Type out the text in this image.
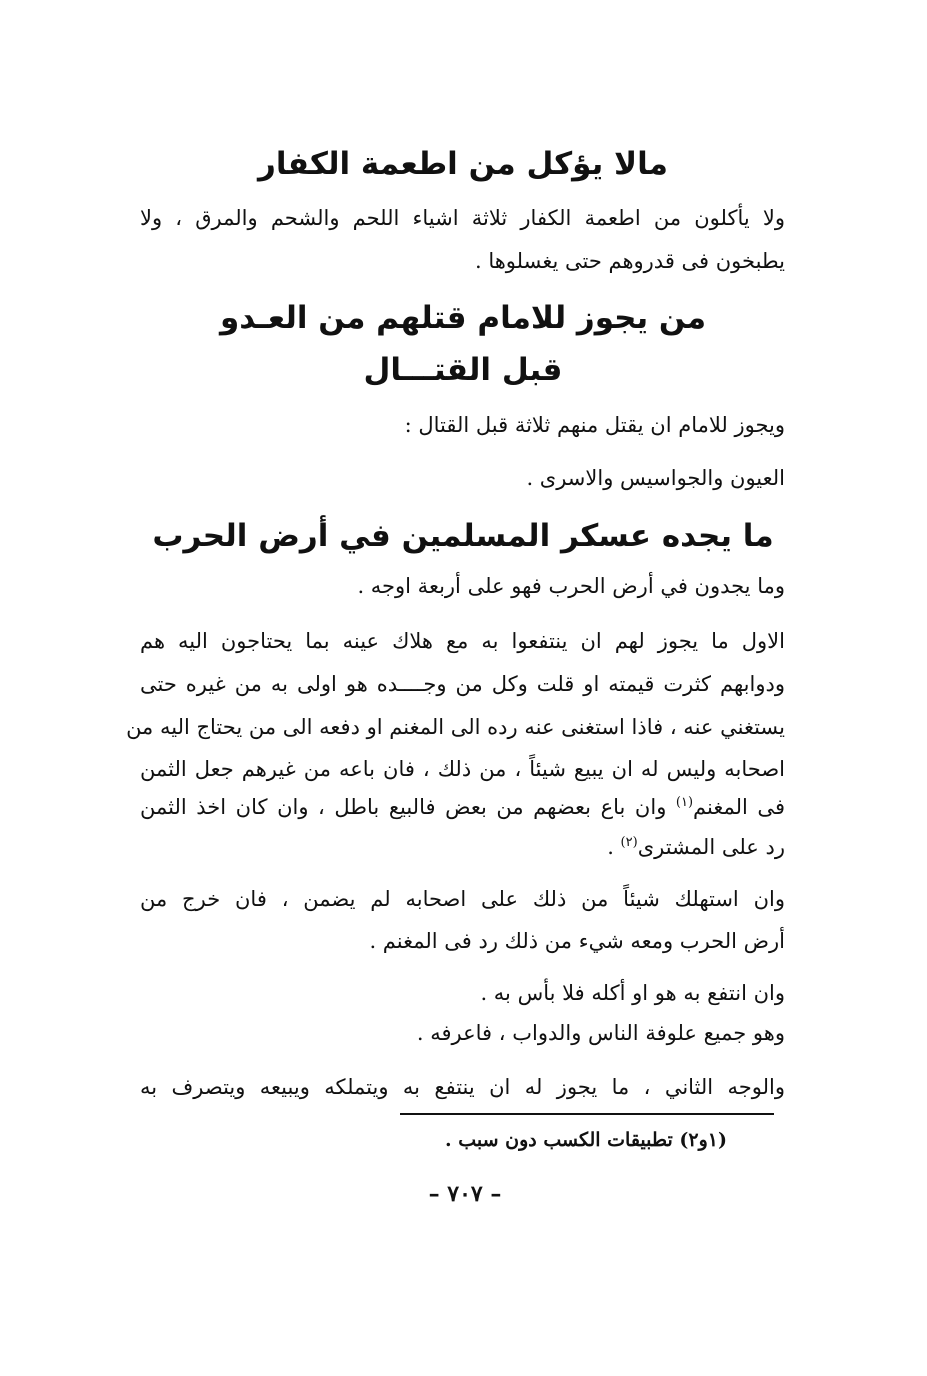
مالا يؤكل من اطعمة الكفار

ولا يأكلون من اطعمة الكفار ثلاثة اشياء اللحم والشحم والمرق ، ولا

يطبخون فى قدروهم حتى يغسلوها .

من يجوز للامام قتلهم من العـدو
قبل القتـــال

ويجوز للامام ان يقتل منهم ثلاثة قبل القتال :

العيون والجواسيس والاسرى .

ما يجده عسكر المسلمين في أرض الحرب

وما يجدون في أرض الحرب فهو على أربعة اوجه .

الاول ما يجوز لهم ان ينتفعوا به مع هلاك عينه بما يحتاجون اليه هم

ودوابهم كثرت قيمته او قلت وكل من وجــــده هو اولى به من غيره حتى

يستغني عنه ، فاذا استغنى عنه رده الى المغنم او دفعه الى من يحتاج اليه من

اصحابه وليس له ان يبيع شيئاً ، من ذلك ، فان باعه من غيرهم جعل الثمن

فى المغنم$^{(١)}$ وان باع بعضهم من بعض فالبيع باطل ، وان كان اخذ الثمن

رد على المشترى$^{(٢)}$ .

وان استهلك شيئاً من ذلك على اصحابه لم يضمن ، فان خرج من

أرض الحرب ومعه شيء من ذلك رد فى المغنم .

وان انتفع به هو او أكله فلا بأس به .

وهو جميع علوفة الناس والدواب ، فاعرفه .

والوجه الثاني ، ما يجوز له ان ينتفع به ويتملكه ويبيعه ويتصرف به

(١و٢) تطبيقات الكسب دون سبب .
– ٧٠٧ –
